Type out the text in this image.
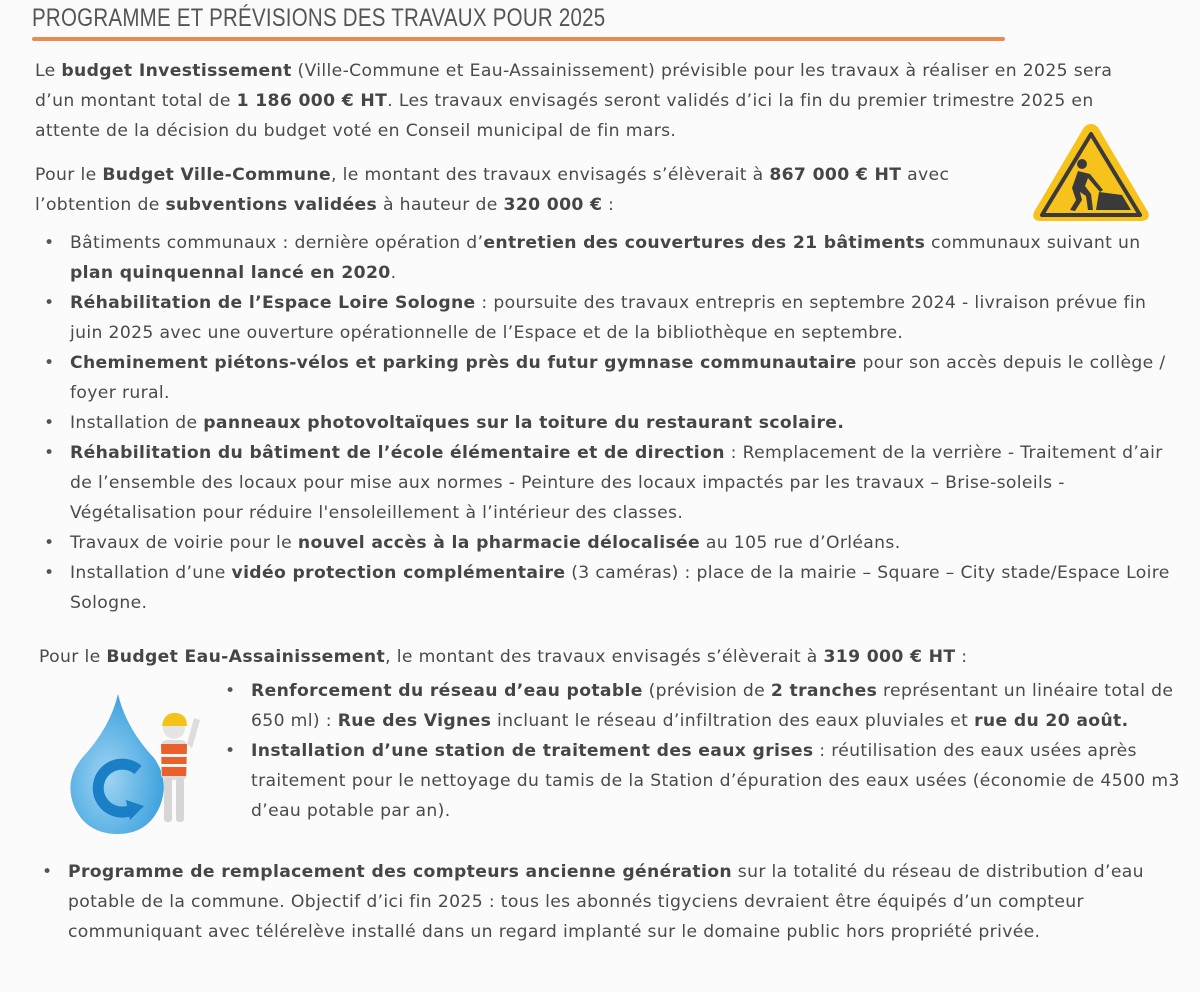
PROGRAMME ET PRÉVISIONS DES TRAVAUX POUR 2025

Le budget Investissement (Ville-Commune et Eau-Assainissement) prévisible pour les travaux à réaliser en 2025 sera d’un montant total de 1 186 000 € HT. Les travaux envisagés seront validés d’ici la fin du premier trimestre 2025 en attente de la décision du budget voté en Conseil municipal de fin mars.

Pour le Budget Ville-Commune, le montant des travaux envisagés s’élèverait à 867 000 € HT avec l’obtention de subventions validées à hauteur de 320 000 € :

• Bâtiments communaux : dernière opération d’entretien des couvertures des 21 bâtiments communaux suivant un plan quinquennal lancé en 2020.
• Réhabilitation de l’Espace Loire Sologne : poursuite des travaux entrepris en septembre 2024 - livraison prévue fin juin 2025 avec une ouverture opérationnelle de l’Espace et de la bibliothèque en septembre.
• Cheminement piétons-vélos et parking près du futur gymnase communautaire pour son accès depuis le collège / foyer rural.
• Installation de panneaux photovoltaïques sur la toiture du restaurant scolaire.
• Réhabilitation du bâtiment de l’école élémentaire et de direction : Remplacement de la verrière - Traitement d’air de l’ensemble des locaux pour mise aux normes - Peinture des locaux impactés par les travaux – Brise-soleils - Végétalisation pour réduire l'ensoleillement à l’intérieur des classes.
• Travaux de voirie pour le nouvel accès à la pharmacie délocalisée au 105 rue d’Orléans.
• Installation d’une vidéo protection complémentaire (3 caméras) : place de la mairie – Square – City stade/Espace Loire Sologne.

Pour le Budget Eau-Assainissement, le montant des travaux envisagés s’élèverait à 319 000 € HT :

• Renforcement du réseau d’eau potable (prévision de 2 tranches représentant un linéaire total de 650 ml) : Rue des Vignes incluant le réseau d’infiltration des eaux pluviales et rue du 20 août.
• Installation d’une station de traitement des eaux grises : réutilisation des eaux usées après traitement pour le nettoyage du tamis de la Station d’épuration des eaux usées (économie de 4500 m3 d’eau potable par an).
• Programme de remplacement des compteurs ancienne génération sur la totalité du réseau de distribution d’eau potable de la commune. Objectif d’ici fin 2025 : tous les abonnés tigyciens devraient être équipés d’un compteur communiquant avec télérelève installé dans un regard implanté sur le domaine public hors propriété privée.
